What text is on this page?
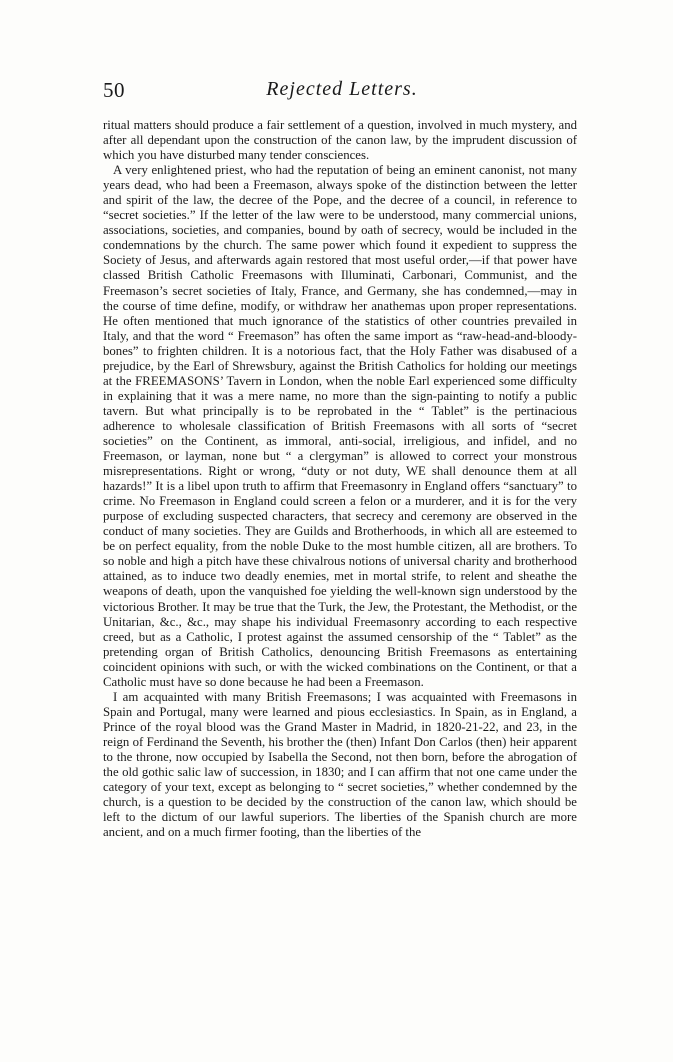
50	Rejected Letters.

ritual matters should produce a fair settlement of a question, involved in much mystery, and after all dependant upon the construction of the canon law, by the imprudent discussion of which you have disturbed many tender consciences.

A very enlightened priest, who had the reputation of being an eminent canonist, not many years dead, who had been a Freemason, always spoke of the distinction between the letter and spirit of the law, the decree of the Pope, and the decree of a council, in reference to “secret societies.” If the letter of the law were to be understood, many commercial unions, associations, societies, and companies, bound by oath of secrecy, would be included in the condemnations by the church. The same power which found it expedient to suppress the Society of Jesus, and afterwards again restored that most useful order,—if that power have classed British Catholic Freemasons with Illuminati, Carbonari, Communist, and the Freemason’s secret societies of Italy, France, and Germany, she has condemned,—may in the course of time define, modify, or withdraw her anathemas upon proper representations. He often mentioned that much ignorance of the statistics of other countries prevailed in Italy, and that the word “ Freemason” has often the same import as “raw-head-and-bloody-bones” to frighten children. It is a notorious fact, that the Holy Father was disabused of a prejudice, by the Earl of Shrewsbury, against the British Catholics for holding our meetings at the FREEMASONS’ Tavern in London, when the noble Earl experienced some difficulty in explaining that it was a mere name, no more than the sign-painting to notify a public tavern. But what principally is to be reprobated in the “ Tablet” is the pertinacious adherence to wholesale classification of British Freemasons with all sorts of “secret societies” on the Continent, as immoral, anti-social, irreligious, and infidel, and no Freemason, or layman, none but “ a clergyman” is allowed to correct your monstrous misrepresentations. Right or wrong, “duty or not duty, WE shall denounce them at all hazards!” It is a libel upon truth to affirm that Freemasonry in England offers “sanctuary” to crime. No Freemason in England could screen a felon or a murderer, and it is for the very purpose of excluding suspected characters, that secrecy and ceremony are observed in the conduct of many societies. They are Guilds and Brotherhoods, in which all are esteemed to be on perfect equality, from the noble Duke to the most humble citizen, all are brothers. To so noble and high a pitch have these chivalrous notions of universal charity and brotherhood attained, as to induce two deadly enemies, met in mortal strife, to relent and sheathe the weapons of death, upon the vanquished foe yielding the well-known sign understood by the victorious Brother. It may be true that the Turk, the Jew, the Protestant, the Methodist, or the Unitarian, &c., &c., may shape his individual Freemasonry according to each respective creed, but as a Catholic, I protest against the assumed censorship of the “ Tablet” as the pretending organ of British Catholics, denouncing British Freemasons as entertaining coincident opinions with such, or with the wicked combinations on the Continent, or that a Catholic must have so done because he had been a Freemason.

I am acquainted with many British Freemasons; I was acquainted with Freemasons in Spain and Portugal, many were learned and pious ecclesiastics. In Spain, as in England, a Prince of the royal blood was the Grand Master in Madrid, in 1820-21-22, and 23, in the reign of Ferdinand the Seventh, his brother the (then) Infant Don Carlos (then) heir apparent to the throne, now occupied by Isabella the Second, not then born, before the abrogation of the old gothic salic law of succession, in 1830; and I can affirm that not one came under the category of your text, except as belonging to “ secret societies,” whether condemned by the church, is a question to be decided by the construction of the canon law, which should be left to the dictum of our lawful superiors. The liberties of the Spanish church are more ancient, and on a much firmer footing, than the liberties of the
